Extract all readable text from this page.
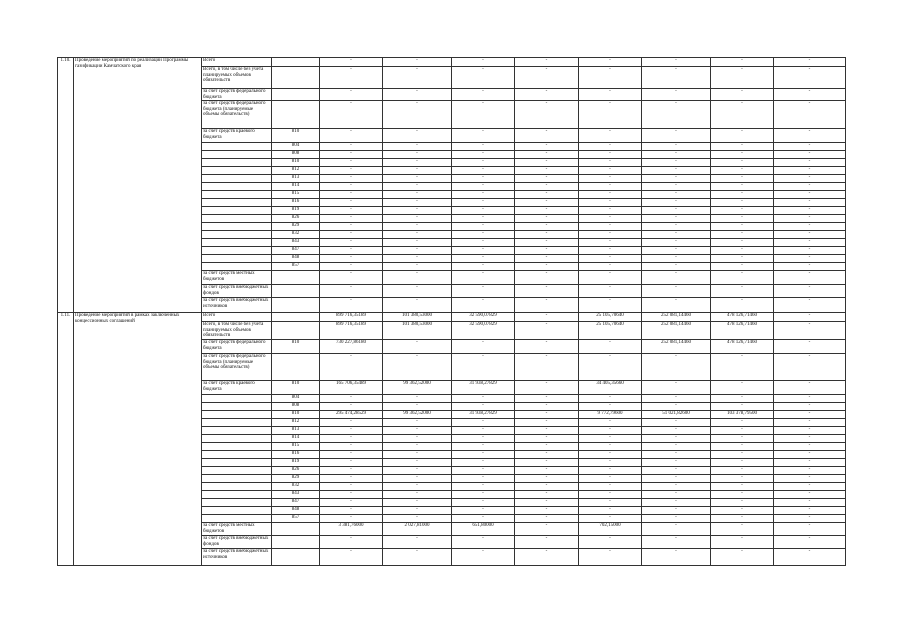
1.10.	Проведение мероприятий по реализации Программы газификации Камчатского края	Всего		-	-	-	-	-	-	-	-
		Всего, в том числе без учета планируемых объемов обязательств		-	-	-	-	-	-	-	-
		за счет средств федерального бюджета		-	-	-	-	-	-	-	-
		за счет средств федерального бюджета (планируемые объемы обязательств)		-	-	-	-	-	-	-	-
		за счет средств краевого бюджета	810	-	-	-	-	-	-	-	-
			804	-	-	-	-	-	-	-	-
			808	-	-	-	-	-	-	-	-
			810	-	-	-	-	-	-	-	-
			812	-	-	-	-	-	-	-	-
			813	-	-	-	-	-	-	-	-
			814	-	-	-	-	-	-	-	-
			815	-	-	-	-	-	-	-	-
			816	-	-	-	-	-	-	-	-
			819	-	-	-	-	-	-	-	-
			826	-	-	-	-	-	-	-	-
			829	-	-	-	-	-	-	-	-
			832	-	-	-	-	-	-	-	-
			843	-	-	-	-	-	-	-	-
			847	-	-	-	-	-	-	-	-
			848	-	-	-	-	-	-	-	-
			857	-	-	-	-	-	-	-	-
		за счет средств местных бюджетов		-	-	-	-	-	-	-	-
		за счет средств внебюджетных фондов		-	-	-	-	-	-	-	-
		за счет средств внебюджетных источников		-	-	-	-	-	-	-	-
1.11.	Проведение мероприятий в рамках заключенных концессионных соглашений	Всего		899 716,35189	101 380,53000	32 590,07829	-	25 105,70640	252 081,14460	478 126,71460	-
		Всего, в том числе без учета планируемых объемов обязательств		899 716,35189	101 380,53000	32 590,07829	-	25 105,70640	252 081,14460	478 126,71460	-
		за счет средств федерального бюджета	810	730 227,86180	-	-	-	-	252 081,14460	478 126,71460	-
		за счет средств федерального бюджета (планируемые объемы обязательств)		-	-	-	-	-	-	-	-
		за счет средств краевого бюджета	810	165 706,35489	99 362,52000	31 938,27829	-	34 405,35660	-	-	-
			804	-	-	-	-	-	-	-	-
			808	-	-	-	-	-	-	-	-
			810	295 474,28529	99 362,52000	31 938,27829	-	9 772,79600	51 021,82600	103 378,79500	-
			812	-	-	-	-	-	-	-	-
			813	-	-	-	-	-	-	-	-
			814	-	-	-	-	-	-	-	-
			815	-	-	-	-	-	-	-	-
			816	-	-	-	-	-	-	-	-
			819	-	-	-	-	-	-	-	-
			826	-	-	-	-	-	-	-	-
			829	-	-	-	-	-	-	-	-
			832	-	-	-	-	-	-	-	-
			843	-	-	-	-	-	-	-	-
			847	-	-	-	-	-	-	-	-
			848	-	-	-	-	-	-	-	-
			857	-	-	-	-	-	-	-	-
		за счет средств местных бюджетов		3 381,76000	2 027,81000	651,80000	-	702,15000	-	-	-
		за счет средств внебюджетных фондов		-	-	-	-	-	-	-	-
		за счет средств внебюджетных источников		-	-	-	-	-	-	-	-
